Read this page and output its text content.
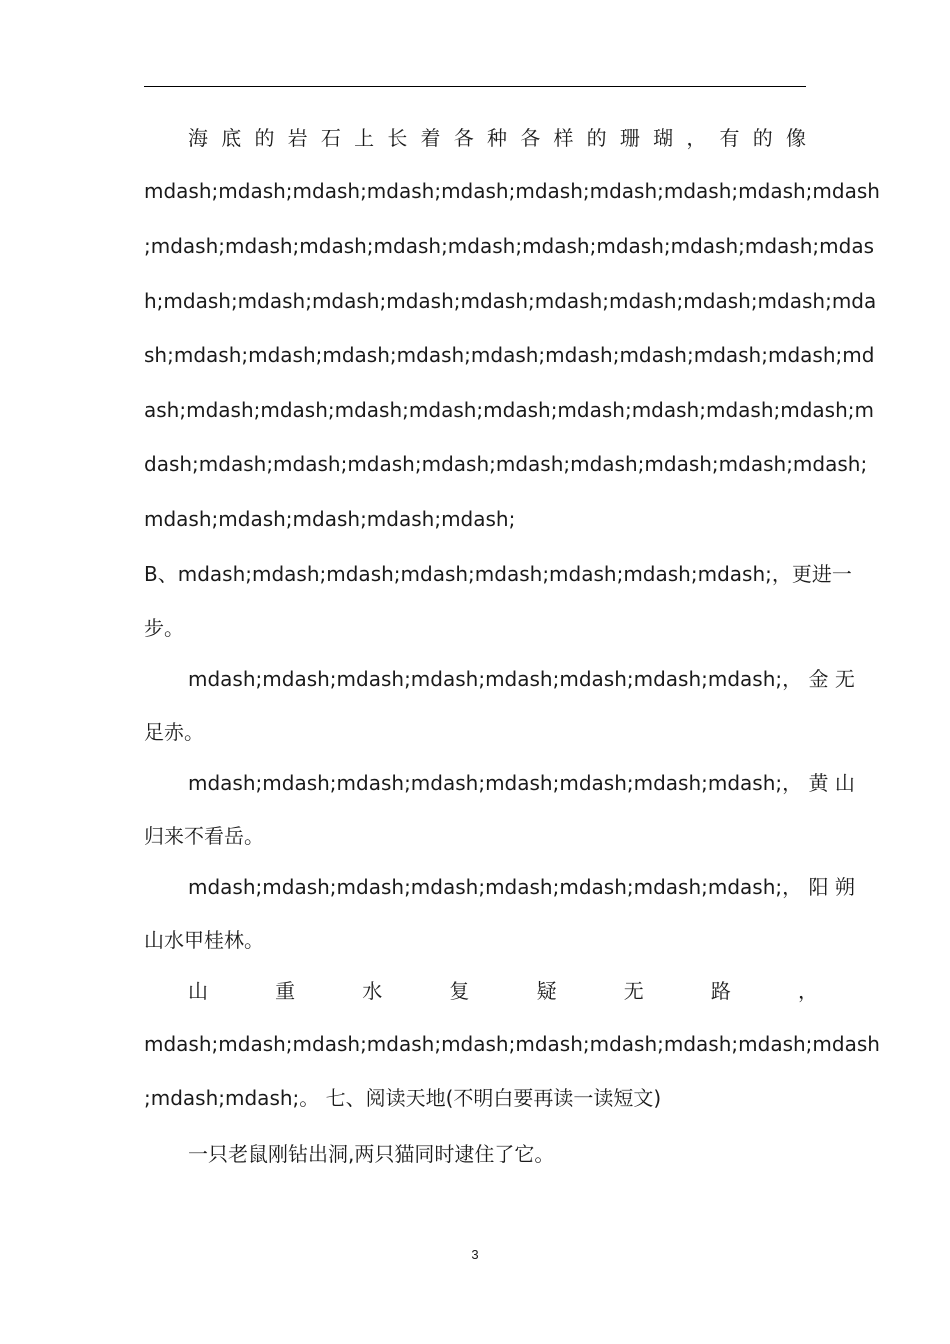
海 底 的 岩 石 上 长 着 各 种 各 样 的 珊 瑚 ， 有 的 像
mdash;mdash;mdash;mdash;mdash;mdash;mdash;mdash;mdash;mdash
;mdash;mdash;mdash;mdash;mdash;mdash;mdash;mdash;mdash;mdas
h;mdash;mdash;mdash;mdash;mdash;mdash;mdash;mdash;mdash;mda
sh;mdash;mdash;mdash;mdash;mdash;mdash;mdash;mdash;mdash;md
ash;mdash;mdash;mdash;mdash;mdash;mdash;mdash;mdash;mdash;m
dash;mdash;mdash;mdash;mdash;mdash;mdash;mdash;mdash;mdash;
mdash;mdash;mdash;mdash;mdash;
B、mdash;mdash;mdash;mdash;mdash;mdash;mdash;mdash;，更进一
步。
mdash;mdash;mdash;mdash;mdash;mdash;mdash;mdash;， 金 无
足赤。
mdash;mdash;mdash;mdash;mdash;mdash;mdash;mdash;， 黄 山
归来不看岳。
mdash;mdash;mdash;mdash;mdash;mdash;mdash;mdash;， 阳 朔
山水甲桂林。
山 重 水 复 疑 无 路 ，
mdash;mdash;mdash;mdash;mdash;mdash;mdash;mdash;mdash;mdash
;mdash;mdash;。 七、阅读天地(不明白要再读一读短文)
一只老鼠刚钻出洞,两只猫同时逮住了它。
3
